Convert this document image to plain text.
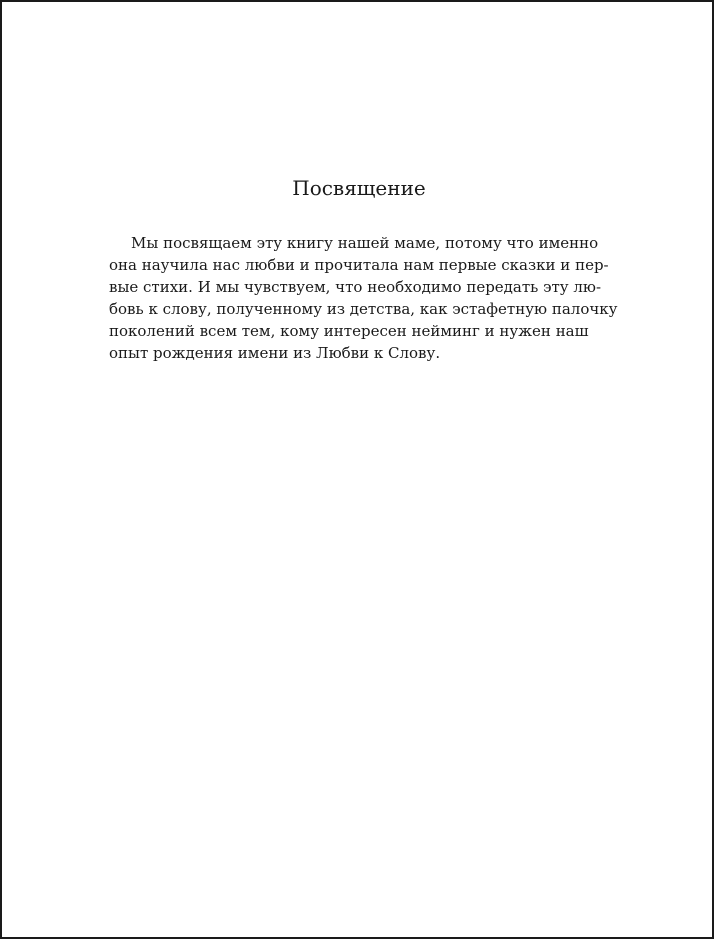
Посвящение
Мы посвящаем эту книгу нашей маме, потому что именно
она научила нас любви и прочитала нам первые сказки и пер-
вые стихи. И мы чувствуем, что необходимо передать эту лю-
бовь к слову, полученному из детства, как эстафетную палочку
поколений всем тем, кому интересен нейминг и нужен наш
опыт рождения имени из Любви к Слову.
